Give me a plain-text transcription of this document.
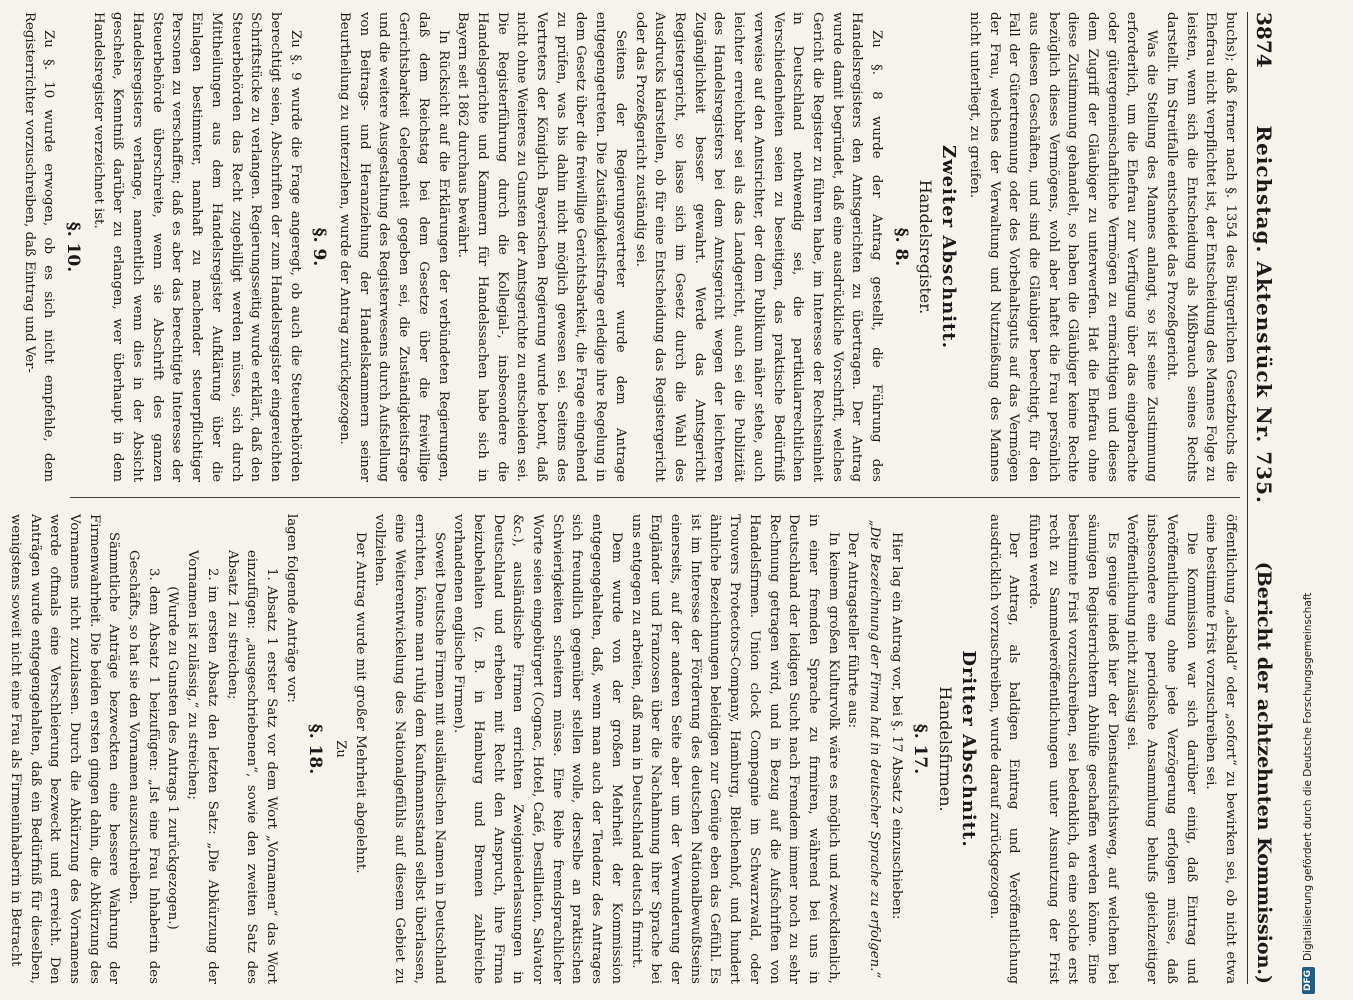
3874
Reichstag. Aktenstück Nr. 735.
(Bericht der achtzehnten Kommission.)

buchs); daß ferner nach §. 1354 des Bürgerlichen Gesetzbuchs die Ehefrau nicht verpflichtet ist, der Entscheidung des Mannes Folge zu leisten, wenn sich die Entscheidung als Mißbrauch seines Rechts darstellt. Im Streitfalle entscheidet das Prozeßgericht.

Was die Stellung des Mannes anlangt, so ist seine Zustimmung erforderlich, um die Ehefrau zur Verfügung über das eingebrachte oder gütergemeinschaftliche Vermögen zu ermächtigen und dieses dem Zugriff der Gläubiger zu unterwerfen. Hat die Ehefrau ohne diese Zustimmung gehandelt, so haben die Gläubiger keine Rechte bezüglich dieses Vermögens, wohl aber haftet die Frau persönlich aus diesen Geschäften, und sind die Gläubiger berechtigt, für den Fall der Gütertrennung oder des Vorbehaltsguts auf das Vermögen der Frau, welches der Verwaltung und Nutznießung des Mannes nicht unterliegt, zu greifen.

Zweiter Abschnitt.
Handelsregister.
§. 8.

Zu §. 8 wurde der Antrag gestellt, die Führung des Handelsregisters den Amtsgerichten zu übertragen. Der Antrag wurde damit begründet, daß eine ausdrückliche Vorschrift, welches Gericht die Register zu führen habe, im Interesse der Rechtseinheit in Deutschland nothwendig sei, die partikularrechtlichen Verschiedenheiten seien zu beseitigen, das praktische Bedürfniß verweise auf den Amtsrichter, der dem Publikum näher stehe, auch leichter erreichbar sei als das Landgericht, auch sei die Publizität des Handelsregisters bei dem Amtsgericht wegen der leichteren Zugänglichkeit besser gewahrt. Werde das Amtsgericht Registergericht, so lasse sich im Gesetz durch die Wahl des Ausdrucks klarstellen, ob für eine Entscheidung das Registergericht oder das Prozeßgericht zuständig sei.

Seitens der Regierungsvertreter wurde dem Antrage entgegengetreten. Die Zuständigkeitsfrage erledige ihre Regelung in dem Gesetz über die freiwillige Gerichtsbarkeit, die Frage eingehend zu prüfen, was bis dahin nicht möglich gewesen sei. Seitens des Vertreters der Königlich Bayerischen Regierung wurde betont, daß nicht ohne Weiteres zu Gunsten der Amtsgerichte zu entscheiden sei. Die Registerführung durch die Kollegial-, insbesondere die Handelsgerichte und Kammern für Handelssachen habe sich in Bayern seit 1862 durchaus bewährt.

In Rücksicht auf die Erklärungen der verbündeten Regierungen, daß dem Reichstag bei dem Gesetze über die freiwillige Gerichtsbarkeit Gelegenheit gegeben sei, die Zuständigkeitsfrage und die weitere Ausgestaltung des Registerwesens durch Aufstellung von Beitrags- und Heranziehung der Handelskammern seiner Beurtheilung zu unterziehen, wurde der Antrag zurückgezogen.

§. 9.

Zu §. 9 wurde die Frage angeregt, ob auch die Steuerbehörden berechtigt seien, Abschriften der zum Handelsregister eingereichten Schriftstücke zu verlangen. Regierungsseitig wurde erklärt, daß den Steuerbehörden das Recht zugebilligt werden müsse, sich durch Mittheilungen aus dem Handelsregister Aufklärung über die Einlagen bestimmter, namhaft zu machender steuerpflichtiger Personen zu verschaffen; daß es aber das berechtigte Interesse der Steuerbehörde überschreite, wenn sie Abschrift des ganzen Handelsregisters verlange, namentlich wenn dies in der Absicht geschehe, Kenntniß darüber zu erlangen, wer überhaupt in dem Handelsregister verzeichnet ist.

§. 10.

Zu §. 10 wurde erwogen, ob es sich nicht empfehle, dem Registerrichter vorzuschreiben, daß Eintrag und Ver-

öffentlichung „alsbald“ oder „sofort“ zu bewirken sei, ob nicht etwa eine bestimmte Frist vorzuschreiben sei.

Die Kommission war sich darüber einig, daß Eintrag und Veröffentlichung ohne jede Verzögerung erfolgen müsse, daß insbesondere eine periodische Ansammlung behufs gleichzeitiger Veröffentlichung nicht zulässig sei.

Es genüge indeß hier der Dienstaufsichtsweg, auf welchem bei säumigen Registerrichtern Abhülfe geschaffen werden könne. Eine bestimmte Frist vorzuschreiben, sei bedenklich, da eine solche erst recht zu Sammelveröffentlichungen unter Ausnutzung der Frist führen werde.

Der Antrag, als baldigen Eintrag und Veröffentlichung ausdrücklich vorzuschreiben, wurde darauf zurückgezogen.

Dritter Abschnitt.
Handelsfirmen.
§. 17.

Hier lag ein Antrag vor, bei §. 17 Absatz 2 einzuschieben:

„Die Bezeichnung der Firma hat in deutscher Sprache zu erfolgen.“

Der Antragsteller führte aus:

In keinem großen Kulturvolk wäre es möglich und zweckdienlich, in einer fremden Sprache zu firmiren, während bei uns in Deutschland der leidigen Sucht nach Fremdem immer noch zu sehr Rechnung getragen wird, und in Bezug auf die Aufschriften von Handelsfirmen. Union clock Compagnie im Schwarzwald, oder Trouvers Protectors-Company, Hamburg, Bleichenhof, und hundert ähnliche Bezeichnungen beleidigen zur Genüge eben das Gefühl. Es ist im Interesse der Förderung des deutschen Nationalbewußtseins einerseits, auf der anderen Seite aber um der Verwunderung der Engländer und Franzosen über die Nachahmung ihrer Sprache bei uns entgegen zu arbeiten, daß man in Deutschland deutsch firmirt.

Dem wurde von der großen Mehrheit der Kommission entgegengehalten, daß, wenn man auch der Tendenz des Antrages sich freundlich gegenüber stellen wolle, derselbe an praktischen Schwierigkeiten scheitern müsse. Eine Reihe fremdsprachlicher Worte seien eingebürgert (Cognac, Hotel, Café, Destillation, Salvator &c.), ausländische Firmen errichten Zweigniederlassungen in Deutschland und erheben mit Recht den Anspruch, ihre Firma beizubehalten (z. B. in Hamburg und Bremen zahlreiche vorhandenen englische Firmen).

Soweit Deutsche Firmen mit ausländischen Namen in Deutschland errichten, könne man ruhig dem Kaufmannsstand selbst überlassen, eine Weiterentwickelung des Nationalgefühls auf diesem Gebiet zu vollziehen.

Der Antrag wurde mit großer Mehrheit abgelehnt.

Zu
§. 18.

lagen folgende Anträge vor:

1.Absatz 1 erster Satz vor dem Wort „Vornamen“ das Wort einzufügen: „ausgeschriebenen“, sowie den zweiten Satz des Absatz 1 zu streichen;

2.im ersten Absatz den letzten Satz: „Die Abkürzung der Vornamen ist zulässig,“ zu streichen;

(Wurde zu Gunsten des Antrags 1 zurückgezogen.)

3.dem Absatz 1 beizufügen: „Ist eine Frau Inhaberin des Geschäfts, so hat sie den Vornamen auszuschreiben.

Sämmtliche Anträge bezweckten eine bessere Wahrung der Firmenwahrheit. Die beiden ersten gingen dahin, die Abkürzung des Vornamens nicht zuzulassen. Durch die Abkürzung des Vornamens werde oftmals eine Verschleierung bezweckt und erreicht. Den Anträgen wurde entgegengehalten, daß ein Bedürfniß für dieselben, wenigstens soweit nicht eine Frau als Firmeninhaberin in Betracht

DFG
Digitalisierung gefördert durch die Deutsche Forschungsgemeinschaft
